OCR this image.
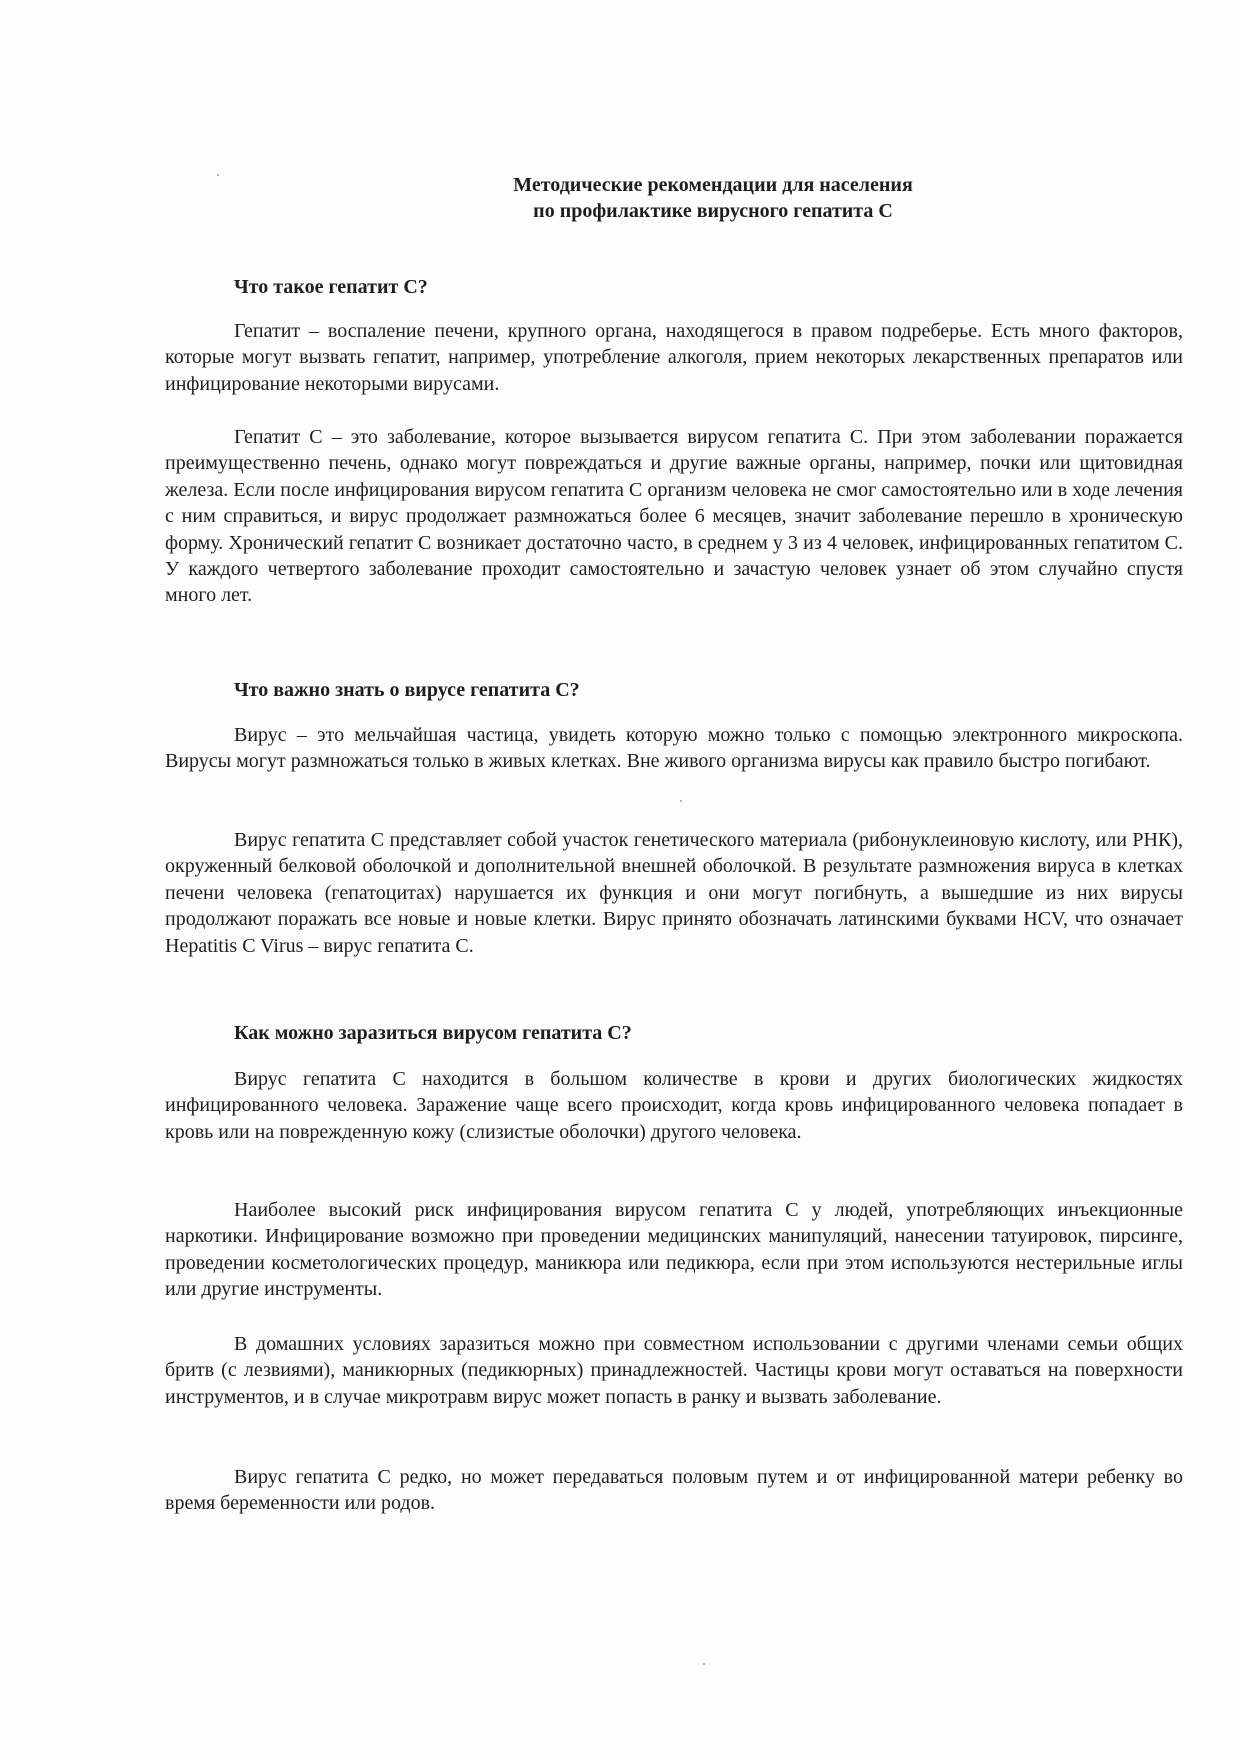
Методические рекомендации для населения
по профилактике вирусного гепатита С
Что такое гепатит С?

Гепатит – воспаление печени, крупного органа, находящегося в правом подреберье. Есть много факторов, которые могут вызвать гепатит, например, употребление алкоголя, прием некоторых лекарственных препаратов или инфицирование некоторыми вирусами.

Гепатит С – это заболевание, которое вызывается вирусом гепатита С. При этом заболевании поражается преимущественно печень, однако могут повреждаться и другие важные органы, например, почки или щитовидная железа. Если после инфицирования вирусом гепатита С организм человека не смог самостоятельно или в ходе лечения с ним справиться, и вирус продолжает размножаться более 6 месяцев, значит заболевание перешло в хроническую форму. Хронический гепатит С возникает достаточно часто, в среднем у 3 из 4 человек, инфицированных гепатитом С. У каждого четвертого заболевание проходит самостоятельно и зачастую человек узнает об этом случайно спустя много лет.

Что важно знать о вирусе гепатита С?

Вирус – это мельчайшая частица, увидеть которую можно только с помощью электронного микроскопа. Вирусы могут размножаться только в живых клетках. Вне живого организма вирусы как правило быстро погибают.

Вирус гепатита С представляет собой участок генетического материала (рибонуклеиновую кислоту, или РНК), окруженный белковой оболочкой и дополнительной внешней оболочкой. В результате размножения вируса в клетках печени человека (гепатоцитах) нарушается их функция и они могут погибнуть, а вышедшие из них вирусы продолжают поражать все новые и новые клетки. Вирус принято обозначать латинскими буквами HCV, что означает Hepatitis C Virus – вирус гепатита С.

Как можно заразиться вирусом гепатита С?

Вирус гепатита С находится в большом количестве в крови и других биологических жидкостях инфицированного человека. Заражение чаще всего происходит, когда кровь инфицированного человека попадает в кровь или на поврежденную кожу (слизистые оболочки) другого человека.

Наиболее высокий риск инфицирования вирусом гепатита С у людей, употребляющих инъекционные наркотики. Инфицирование возможно при проведении медицинских манипуляций, нанесении татуировок, пирсинге, проведении косметологических процедур, маникюра или педикюра, если при этом используются нестерильные иглы или другие инструменты.

В домашних условиях заразиться можно при совместном использовании с другими членами семьи общих бритв (с лезвиями), маникюрных (педикюрных) принадлежностей. Частицы крови могут оставаться на поверхности инструментов, и в случае микротравм вирус может попасть в ранку и вызвать заболевание.

Вирус гепатита С редко, но может передаваться половым путем и от инфицированной матери ребенку во время беременности или родов.
